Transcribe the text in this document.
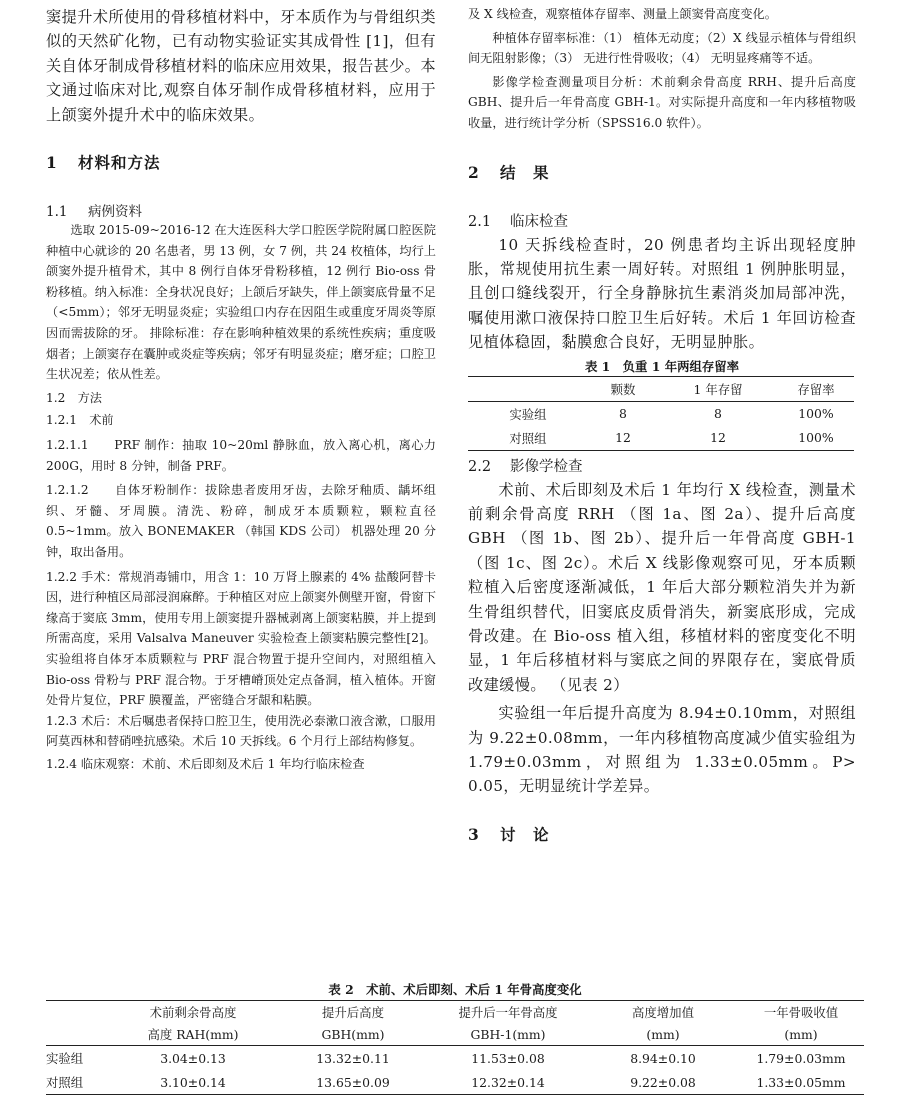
窦提升术所使用的骨移植材料中，牙本质作为与骨组织类似的天然矿化物，已有动物实验证实其成骨性 [1]，但有关自体牙制成骨移植材料的临床应用效果，报告甚少。本文通过临床对比,观察自体牙制作成骨移植材料，应用于上颌窦外提升术中的临床效果。

1 材料和方法
1.1 病例资料

选取 2015-09~2016-12 在大连医科大学口腔医学院附属口腔医院种植中心就诊的 20 名患者，男 13 例，女 7 例，共 24 枚植体，均行上颌窦外提升植骨术，其中 8 例行自体牙骨粉移植，12 例行 Bio-oss 骨粉移植。纳入标准：全身状况良好；上颌后牙缺失，伴上颌窦底骨量不足 （<5mm）；邻牙无明显炎症；实验组口内存在因阻生或重度牙周炎等原因而需拔除的牙。 排除标准：存在影响种植效果的系统性疾病；重度吸烟者；上颌窦存在囊肿或炎症等疾病；邻牙有明显炎症；磨牙症；口腔卫生状况差；依从性差。

1.2　方法
1.2.1　术前

1.2.1.1　　PRF 制作：抽取 10~20ml 静脉血，放入离心机，离心力 200G，用时 8 分钟，制备 PRF。

1.2.1.2　　自体牙粉制作：拔除患者废用牙齿，去除牙釉质、龋坏组织、牙髓、牙周膜。清洗、粉碎，制成牙本质颗粒，颗粒直径 0.5~1mm。放入 BONEMAKER （韩国 KDS 公司） 机器处理 20 分钟，取出备用。

1.2.2 手术：常规消毒铺巾，用含 1：10 万肾上腺素的 4% 盐酸阿替卡因，进行种植区局部浸润麻醉。于种植区对应上颌窦外侧壁开窗，骨窗下缘高于窦底 3mm，使用专用上颌窦提升器械剥离上颌窦粘膜，并上提到所需高度，采用 Valsalva Maneuver 实验检查上颌窦粘膜完整性[2]。实验组将自体牙本质颗粒与 PRF 混合物置于提升空间内，对照组植入 Bio-oss 骨粉与 PRF 混合物。于牙槽嵴顶处定点备洞，植入植体。开窗处骨片复位，PRF 膜覆盖，严密缝合牙龈和粘膜。

1.2.3 术后：术后嘱患者保持口腔卫生，使用洗必泰漱口液含漱，口服用阿莫西林和替硝唑抗感染。术后 10 天拆线。6 个月行上部结构修复。

1.2.4 临床观察：术前、术后即刻及术后 1 年均行临床检查

及 X 线检查，观察植体存留率、测量上颌窦骨高度变化。

种植体存留率标准：（1） 植体无动度；（2）X 线显示植体与骨组织间无阻射影像；（3） 无进行性骨吸收；（4） 无明显疼痛等不适。

影像学检查测量项目分析：术前剩余骨高度 RRH、提升后高度 GBH、提升后一年骨高度 GBH-1。对实际提升高度和一年内移植物吸收量，进行统计学分析（SPSS16.0 软件）。

2 结　果
2.1 临床检查

10 天拆线检查时，20 例患者均主诉出现轻度肿胀，常规使用抗生素一周好转。对照组 1 例肿胀明显，且创口缝线裂开，行全身静脉抗生素消炎加局部冲洗，嘱使用漱口液保持口腔卫生后好转。术后 1 年回访检查见植体稳固，黏膜愈合良好，无明显肿胀。

表 1　负重 1 年两组存留率
	颗数	1 年存留	存留率
实验组	8	8	100%
对照组	12	12	100%
2.2 影像学检查

术前、术后即刻及术后 1 年均行 X 线检查，测量术前剩余骨高度 RRH （图 1a、图 2a）、提升后高度 GBH （图 1b、图 2b）、提升后一年骨高度 GBH-1 （图 1c、图 2c）。术后 X 线影像观察可见，牙本质颗粒植入后密度逐渐减低，1 年后大部分颗粒消失并为新生骨组织替代，旧窦底皮质骨消失，新窦底形成，完成骨改建。在 Bio-oss 植入组，移植材料的密度变化不明显，1 年后移植材料与窦底之间的界限存在，窦底骨质改建缓慢。 （见表 2）

实验组一年后提升高度为 8.94±0.10mm，对照组为 9.22±0.08mm，一年内移植物高度减少值实验组为 1.79±0.03mm，对照组为 1.33±0.05mm。P> 0.05，无明显统计学差异。

3 讨　论
表 2　术前、术后即刻、术后 1 年骨高度变化
	术前剩余骨高度	提升后高度	提升后一年骨高度	高度增加值	一年骨吸收值
	高度 RAH(mm)	GBH(mm)	GBH-1(mm)	(mm)	(mm)
实验组	3.04±0.13	13.32±0.11	11.53±0.08	8.94±0.10	1.79±0.03mm
对照组	3.10±0.14	13.65±0.09	12.32±0.14	9.22±0.08	1.33±0.05mm
